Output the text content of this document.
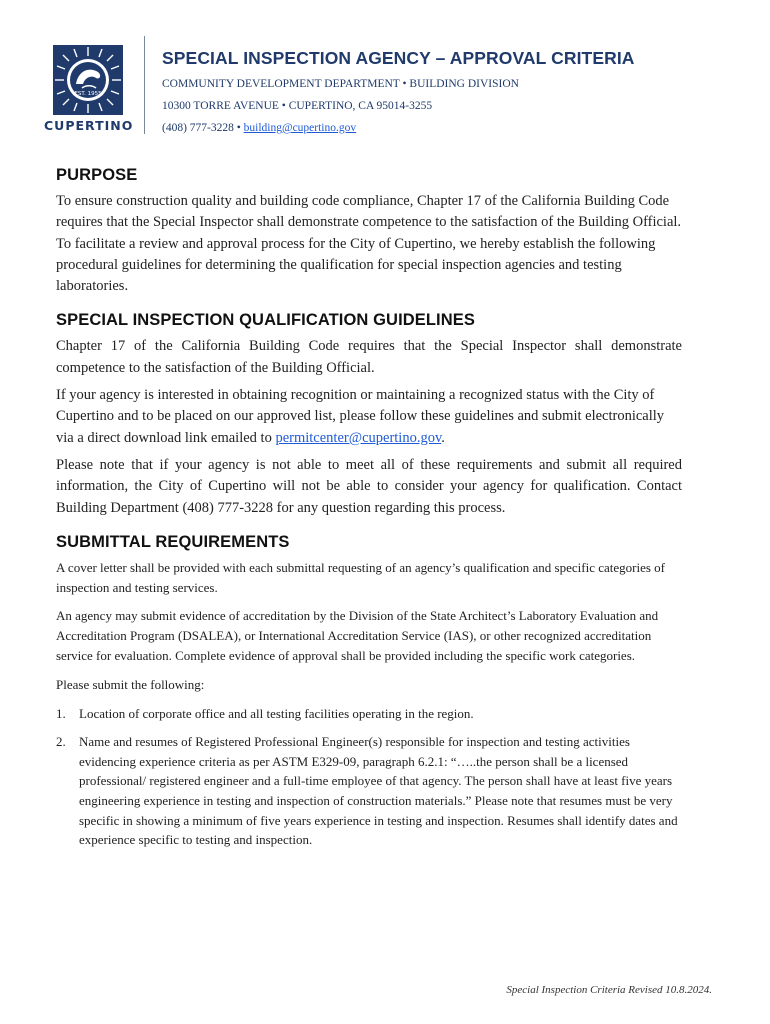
EST. 1955
CUPERTINO
SPECIAL INSPECTION AGENCY – APPROVAL CRITERIA
COMMUNITY DEVELOPMENT DEPARTMENT • BUILDING DIVISION
10300 TORRE AVENUE • CUPERTINO, CA 95014-3255
(408) 777-3228 • building@cupertino.gov
PURPOSE

To ensure construction quality and building code compliance, Chapter 17 of the California Building Code requires that the Special Inspector shall demonstrate competence to the satisfaction of the Building Official. To facilitate a review and approval process for the City of Cupertino, we hereby establish the following procedural guidelines for determining the qualification for special inspection agencies and testing laboratories.

SPECIAL INSPECTION QUALIFICATION GUIDELINES

Chapter 17 of the California Building Code requires that the Special Inspector shall demonstrate competence to the satisfaction of the Building Official.

If your agency is interested in obtaining recognition or maintaining a recognized status with the City of Cupertino and to be placed on our approved list, please follow these guidelines and submit electronically via a direct download link emailed to permitcenter@cupertino.gov.

Please note that if your agency is not able to meet all of these requirements and submit all required information, the City of Cupertino will not be able to consider your agency for qualification. Contact Building Department (408) 777-3228 for any question regarding this process.

SUBMITTAL REQUIREMENTS

A cover letter shall be provided with each submittal requesting of an agency’s qualification and specific categories of inspection and testing services.

An agency may submit evidence of accreditation by the Division of the State Architect’s Laboratory Evaluation and Accreditation Program (DSALEA), or International Accreditation Service (IAS), or other recognized accreditation service for evaluation. Complete evidence of approval shall be provided including the specific work categories.

Please submit the following:

1.	Location of corporate office and all testing facilities operating in the region.
2.	Name and resumes of Registered Professional Engineer(s) responsible for inspection and testing activities evidencing experience criteria as per ASTM E329-09, paragraph 6.2.1: “…..the person shall be a licensed professional/ registered engineer and a full-time employee of that agency. The person shall have at least five years engineering experience in testing and inspection of construction materials.” Please note that resumes must be very specific in showing a minimum of five years experience in testing and inspection. Resumes shall identify dates and experience specific to testing and inspection.
Special Inspection Criteria Revised 10.8.2024.
